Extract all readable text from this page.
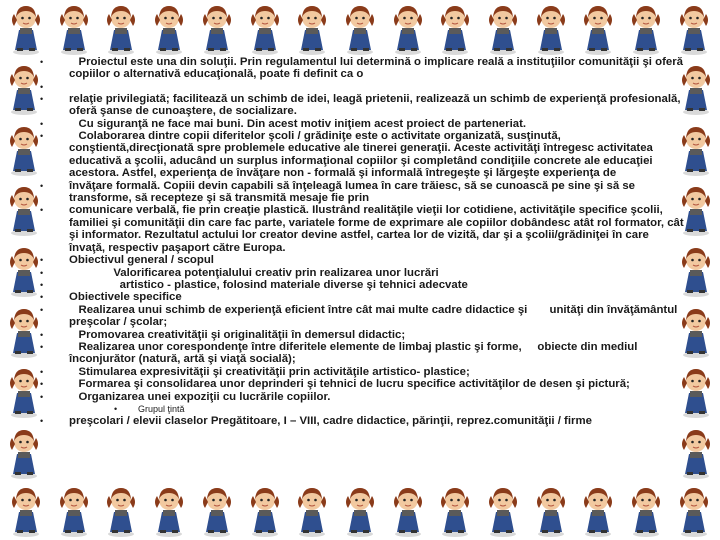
• Proiectul este una din soluţii. Prin regulamentul lui determină o implicare reală a instituţiilor comunităţii şi oferă copiilor o alternativă educaţională, poate fi definit ca o
•
• relaţie privilegiată; facilitează un schimb de idei, leagă prietenii, realizează un schimb de experienţă profesională, oferă şanse de cunoaştere, de socializare.
• Cu siguranţă ne face mai buni. Din acest motiv iniţiem acest proiect de parteneriat.
• Colaborarea dintre copii diferitelor şcoli / grădiniţe este o activitate organizată, susţinută, conştientă,direcţionată spre problemele educative ale tinerei generaţii. Aceste activităţi întregesc activitatea educativă a şcolii, aducând un surplus informaţional copiilor şi completând condiţiile concrete ale educaţiei acestora. Astfel, experienţa de învăţare non - formală şi informală întregeşte şi lărgeşte experienţa de
• învăţare formală. Copiii devin capabili să înţeleagă lumea în care trăiesc, să se cunoască pe sine şi să se transforme, să recepteze şi să transmită mesaje fie prin
• comunicare verbală, fie prin creaţie plastică. Ilustrând realităţile vieţii lor cotidiene, activităţile specifice şcolii, familiei şi comunităţii din care fac parte, variatele forme de exprimare ale copiilor dobândesc atât rol formator, cât şi informator. Rezultatul actului lor creator devine astfel, cartea lor de vizită, dar şi a şcolii/grădiniţei în care învaţă, respectiv paşaport către Europa.
• Obiectivul general / scopul
• Valorificarea potenţialului creativ prin realizarea unor lucrări
• artistico - plastice, folosind materiale diverse şi tehnici adecvate
• Obiectivele specifice
• Realizarea unui schimb de experienţă eficient între cât mai multe cadre didactice şi       unităţi din învăţământul preşcolar / şcolar;
• Promovarea creativităţii şi originalităţii în demersul didactic;
• Realizarea unor corespondenţe între diferitele elemente de limbaj plastic şi forme,     obiecte din mediul înconjurător (natură, artă şi viaţă socială);
• Stimularea expresivităţii şi creativităţii prin activităţile artistico- plastice;
• Formarea şi consolidarea unor deprinderi şi tehnici de lucru specifice activităţilor de desen şi pictură;
• Organizarea unei expoziţii cu lucrările copiilor.
• Grupul ţintă
• preşcolari / elevii claselor Pregătitoare, I – VIII, cadre didactice, părinţii, reprez.comunităţii / firme
